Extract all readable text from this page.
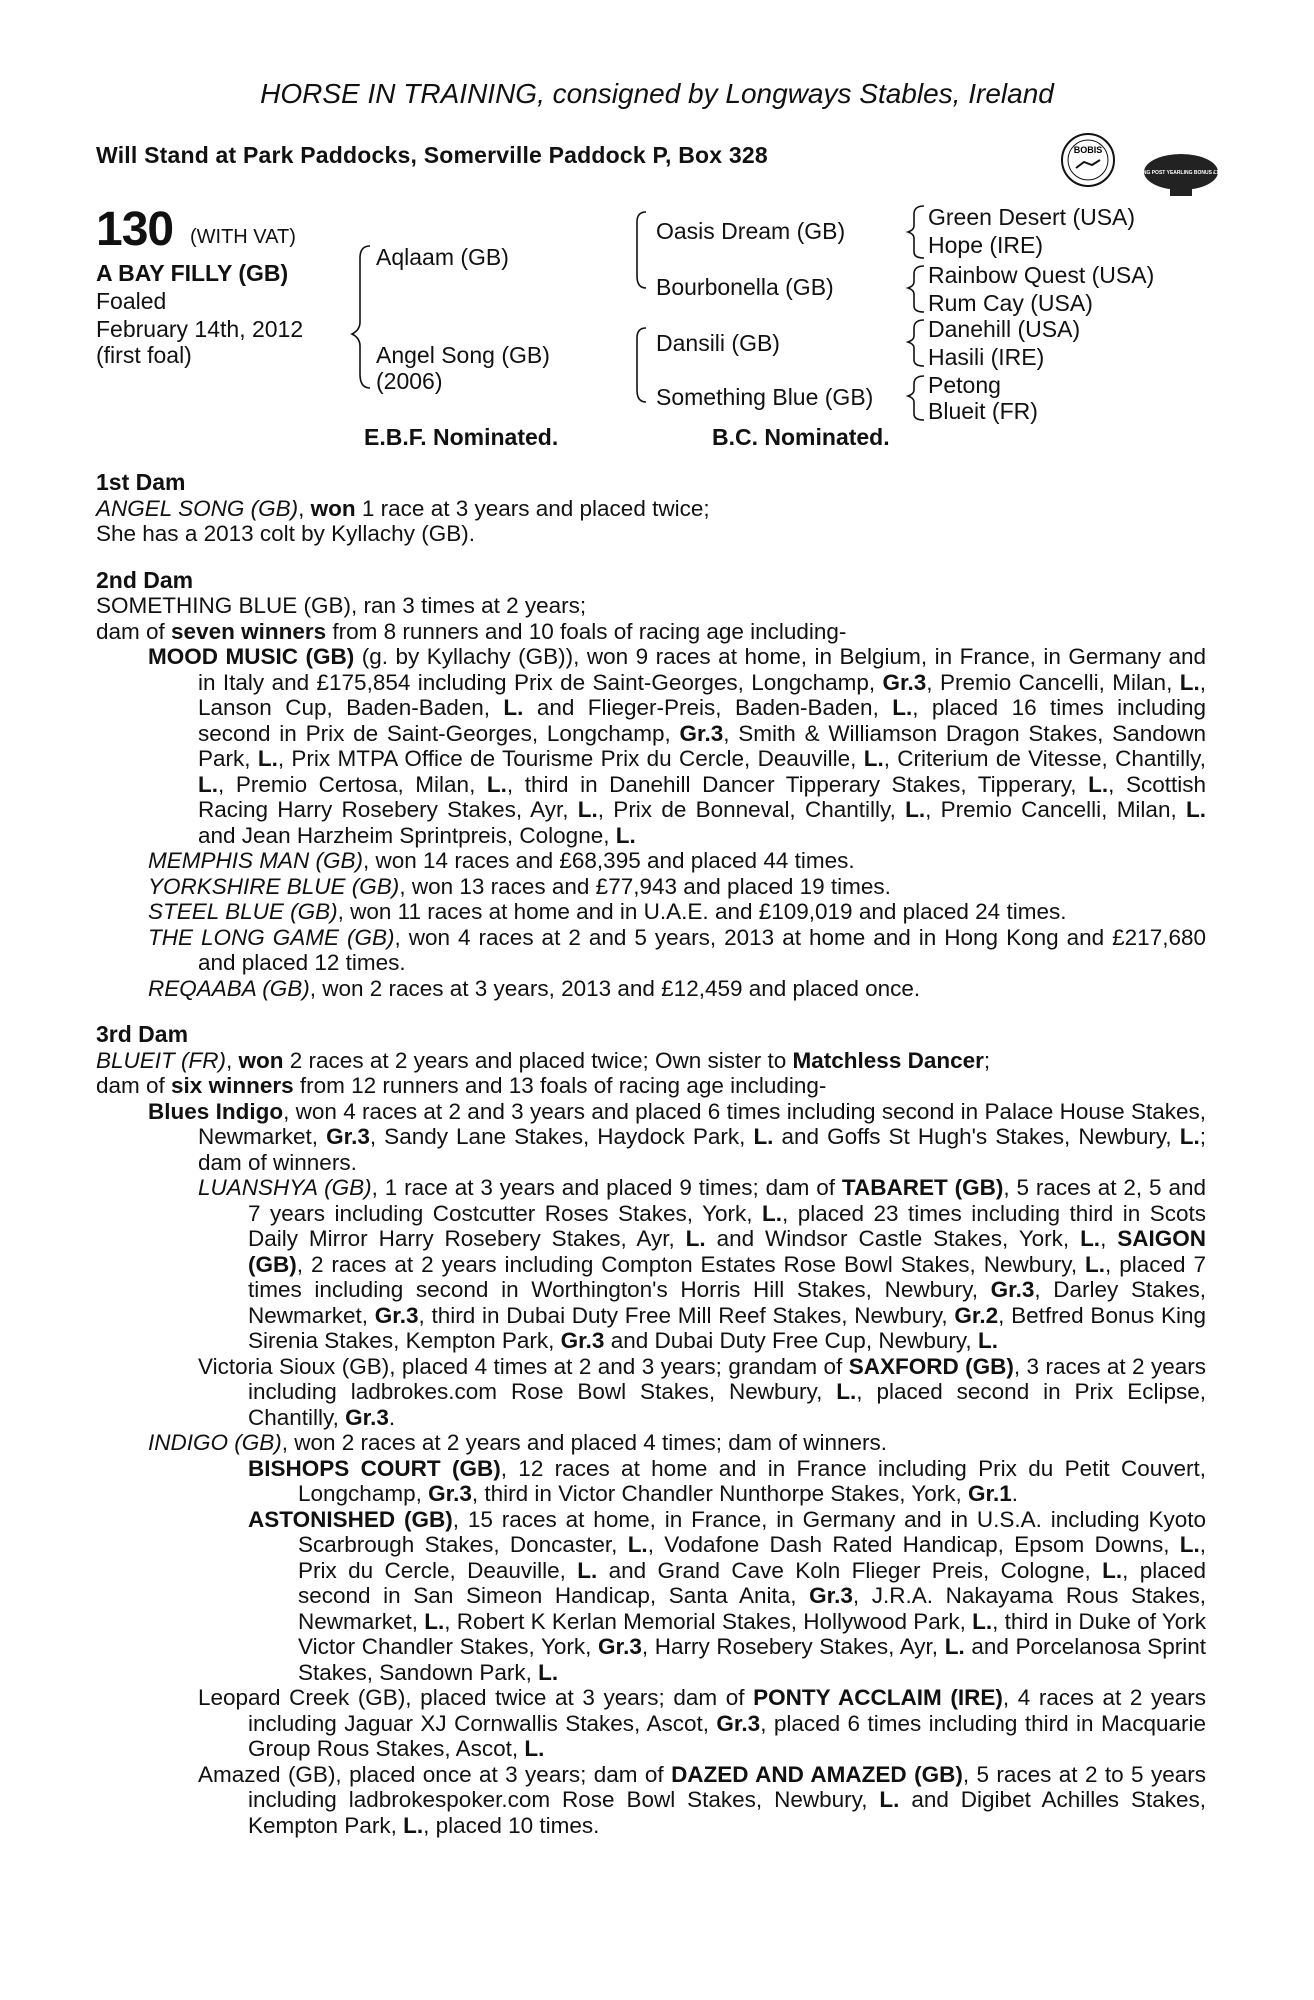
HORSE IN TRAINING, consigned by Longways Stables, Ireland
Will Stand at Park Paddocks, Somerville Paddock P, Box 328	BOBIS
RACING POST YEARLING BONUS £10,000
130 (WITH VAT)
A BAY FILLY (GB)
Foaled
February 14th, 2012
(first foal)
Aqlaam (GB)
Angel Song (GB)
(2006)
Oasis Dream (GB)
Bourbonella (GB)
Dansili (GB)
Something Blue (GB)
Green Desert (USA)
Hope (IRE)
Rainbow Quest (USA)
Rum Cay (USA)
Danehill (USA)
Hasili (IRE)
Petong
Blueit (FR)
E.B.F. Nominated.	B.C. Nominated.

1st Dam

ANGEL SONG (GB), won 1 race at 3 years and placed twice;

She has a 2013 colt by Kyllachy (GB).

2nd Dam

SOMETHING BLUE (GB), ran 3 times at 2 years;

dam of seven winners from 8 runners and 10 foals of racing age including-

MOOD MUSIC (GB) (g. by Kyllachy (GB)), won 9 races at home, in Belgium, in France, in Germany and in Italy and £175,854 including Prix de Saint-Georges, Longchamp, Gr.3, Premio Cancelli, Milan, L., Lanson Cup, Baden-Baden, L. and Flieger-Preis, Baden-Baden, L., placed 16 times including second in Prix de Saint-Georges, Longchamp, Gr.3, Smith & Williamson Dragon Stakes, Sandown Park, L., Prix MTPA Office de Tourisme Prix du Cercle, Deauville, L., Criterium de Vitesse, Chantilly, L., Premio Certosa, Milan, L., third in Danehill Dancer Tipperary Stakes, Tipperary, L., Scottish Racing Harry Rosebery Stakes, Ayr, L., Prix de Bonneval, Chantilly, L., Premio Cancelli, Milan, L. and Jean Harzheim Sprintpreis, Cologne, L.

MEMPHIS MAN (GB), won 14 races and £68,395 and placed 44 times.

YORKSHIRE BLUE (GB), won 13 races and £77,943 and placed 19 times.

STEEL BLUE (GB), won 11 races at home and in U.A.E. and £109,019 and placed 24 times.

THE LONG GAME (GB), won 4 races at 2 and 5 years, 2013 at home and in Hong Kong and £217,680 and placed 12 times.

REQAABA (GB), won 2 races at 3 years, 2013 and £12,459 and placed once.

3rd Dam

BLUEIT (FR), won 2 races at 2 years and placed twice; Own sister to Matchless Dancer;

dam of six winners from 12 runners and 13 foals of racing age including-

Blues Indigo, won 4 races at 2 and 3 years and placed 6 times including second in Palace House Stakes, Newmarket, Gr.3, Sandy Lane Stakes, Haydock Park, L. and Goffs St Hugh's Stakes, Newbury, L.; dam of winners.

LUANSHYA (GB), 1 race at 3 years and placed 9 times; dam of TABARET (GB), 5 races at 2, 5 and 7 years including Costcutter Roses Stakes, York, L., placed 23 times including third in Scots Daily Mirror Harry Rosebery Stakes, Ayr, L. and Windsor Castle Stakes, York, L., SAIGON (GB), 2 races at 2 years including Compton Estates Rose Bowl Stakes, Newbury, L., placed 7 times including second in Worthington's Horris Hill Stakes, Newbury, Gr.3, Darley Stakes, Newmarket, Gr.3, third in Dubai Duty Free Mill Reef Stakes, Newbury, Gr.2, Betfred Bonus King Sirenia Stakes, Kempton Park, Gr.3 and Dubai Duty Free Cup, Newbury, L.

Victoria Sioux (GB), placed 4 times at 2 and 3 years; grandam of SAXFORD (GB), 3 races at 2 years including ladbrokes.com Rose Bowl Stakes, Newbury, L., placed second in Prix Eclipse, Chantilly, Gr.3.

INDIGO (GB), won 2 races at 2 years and placed 4 times; dam of winners.

BISHOPS COURT (GB), 12 races at home and in France including Prix du Petit Couvert, Longchamp, Gr.3, third in Victor Chandler Nunthorpe Stakes, York, Gr.1.

ASTONISHED (GB), 15 races at home, in France, in Germany and in U.S.A. including Kyoto Scarbrough Stakes, Doncaster, L., Vodafone Dash Rated Handicap, Epsom Downs, L., Prix du Cercle, Deauville, L. and Grand Cave Koln Flieger Preis, Cologne, L., placed second in San Simeon Handicap, Santa Anita, Gr.3, J.R.A. Nakayama Rous Stakes, Newmarket, L., Robert K Kerlan Memorial Stakes, Hollywood Park, L., third in Duke of York Victor Chandler Stakes, York, Gr.3, Harry Rosebery Stakes, Ayr, L. and Porcelanosa Sprint Stakes, Sandown Park, L.

Leopard Creek (GB), placed twice at 3 years; dam of PONTY ACCLAIM (IRE), 4 races at 2 years including Jaguar XJ Cornwallis Stakes, Ascot, Gr.3, placed 6 times including third in Macquarie Group Rous Stakes, Ascot, L.

Amazed (GB), placed once at 3 years; dam of DAZED AND AMAZED (GB), 5 races at 2 to 5 years including ladbrokespoker.com Rose Bowl Stakes, Newbury, L. and Digibet Achilles Stakes, Kempton Park, L., placed 10 times.
